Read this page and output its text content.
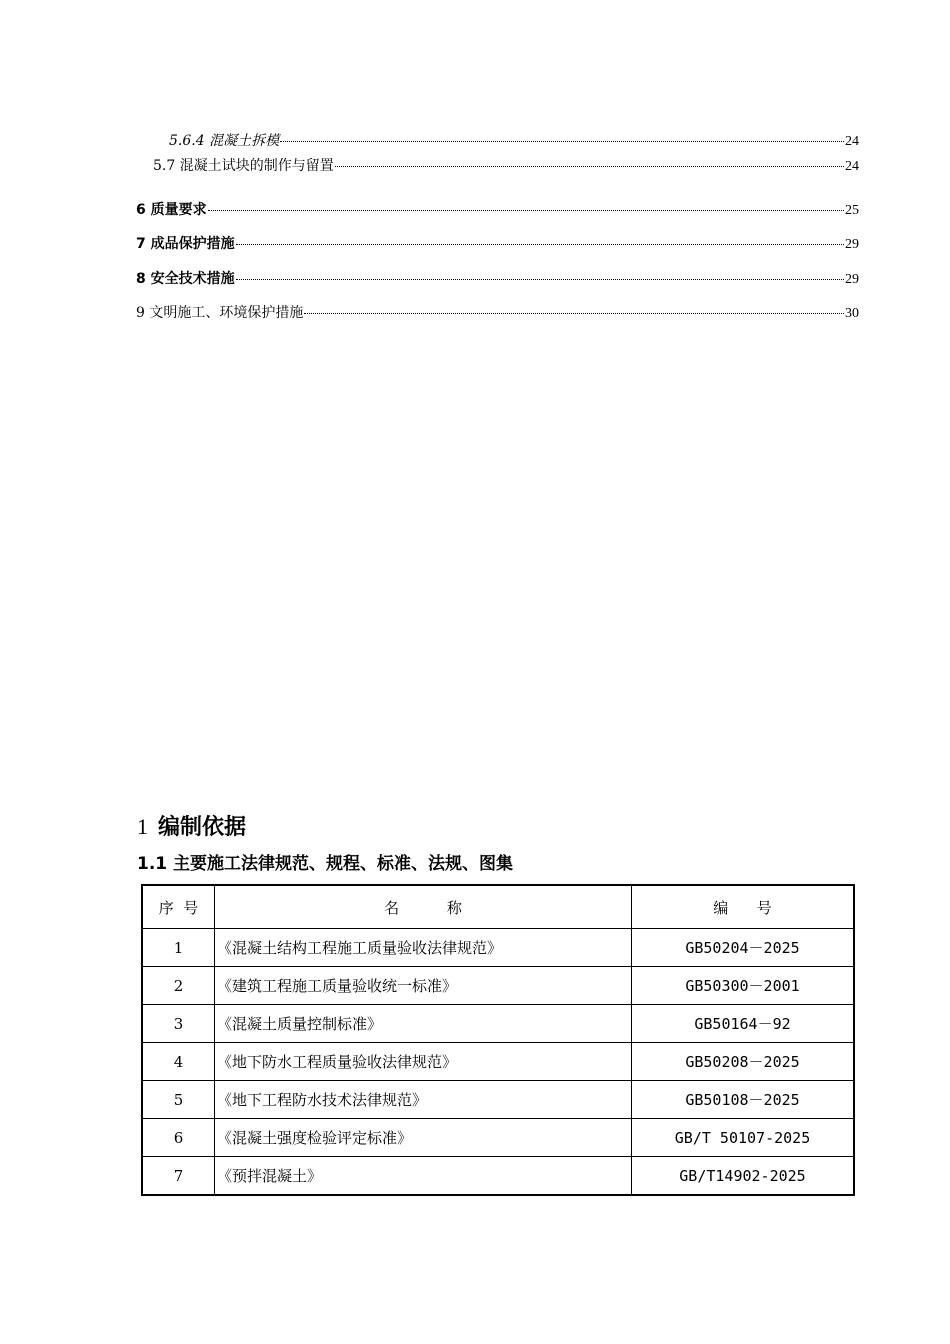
5.6.4 混凝土拆模	24
5.7 混凝土试块的制作与留置	24
6 质量要求	25
7 成品保护措施	29
8 安全技术措施	29
9 文明施工、环境保护措施	30
1 编制依据
1.1 主要施工法律规范、规程、标准、法规、图集
序  号	名          称	编      号
1	《混凝土结构工程施工质量验收法律规范》	GB50204－2025
2	《建筑工程施工质量验收统一标准》	GB50300－2001
3	《混凝土质量控制标准》	GB50164－92
4	《地下防水工程质量验收法律规范》	GB50208－2025
5	《地下工程防水技术法律规范》	GB50108－2025
6	《混凝土强度检验评定标准》	GB/T 50107-2025
7	《预拌混凝土》	GB/T14902-2025
